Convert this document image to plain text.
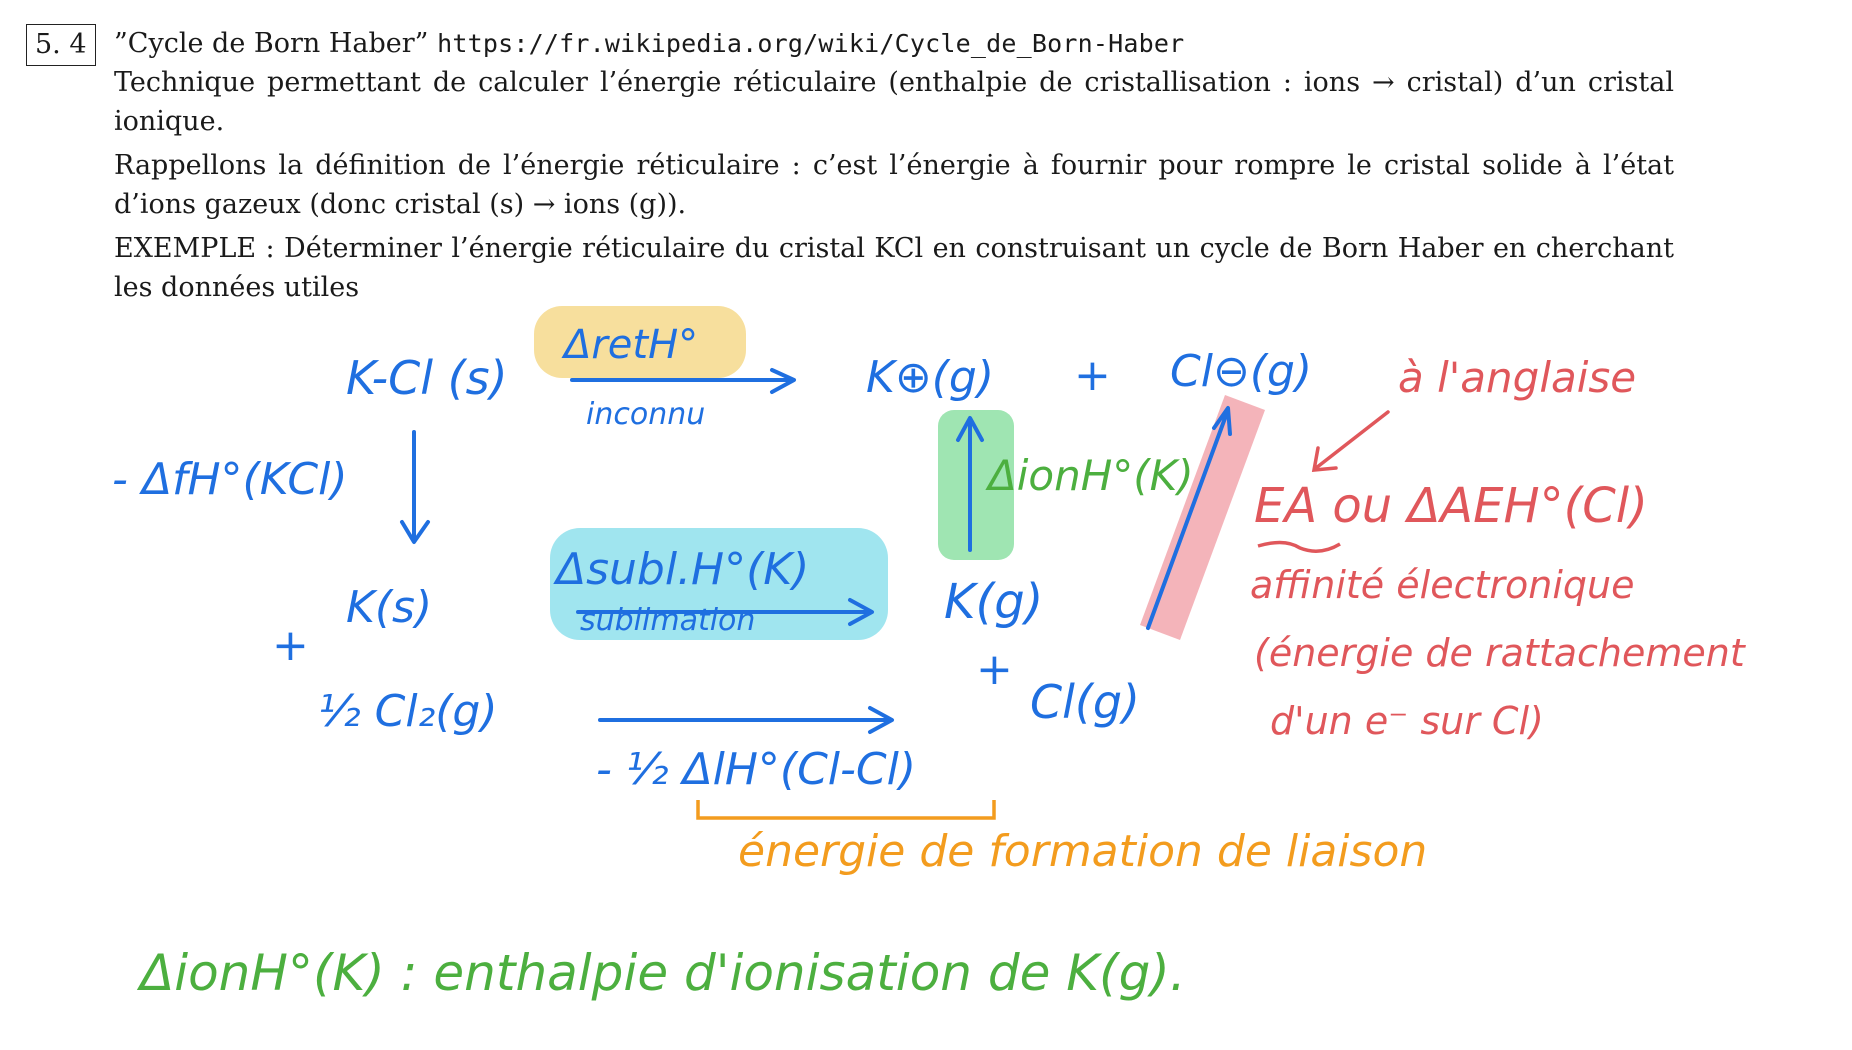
5. 4	”Cycle de Born Haber” https://fr.wikipedia.org/wiki/Cycle_de_Born-Haber

Technique permettant de calculer l’énergie réticulaire (enthalpie de cristallisation : ions → cristal) d’un cristal

ionique.

Rappellons la définition de l’énergie réticulaire : c’est l’énergie à fournir pour rompre le cristal solide à l’état

d’ions gazeux (donc cristal (s) → ions (g)).

EXEMPLE : Déterminer l’énergie réticulaire du cristal KCl en construisant un cycle de Born Haber en cherchant

les données utiles

K-Cl (s)
ΔretH°
inconnu
K⊕(g) + Cl⊖(g)
- ΔfH°(KCl)
Δsubl.H°(K)
sublimation
K(s)	K(g)
+	+
½ Cl₂(g)	Cl(g)
- ½ ΔlH°(Cl-Cl)
ΔionH°(K)
ΔionH°(K) : enthalpie d'ionisation de K(g).
à l'anglaise
EA ou ΔAEH°(Cl)
affinité électronique
(énergie de rattachement
d'un e⁻ sur Cl)
énergie de formation de liaison
